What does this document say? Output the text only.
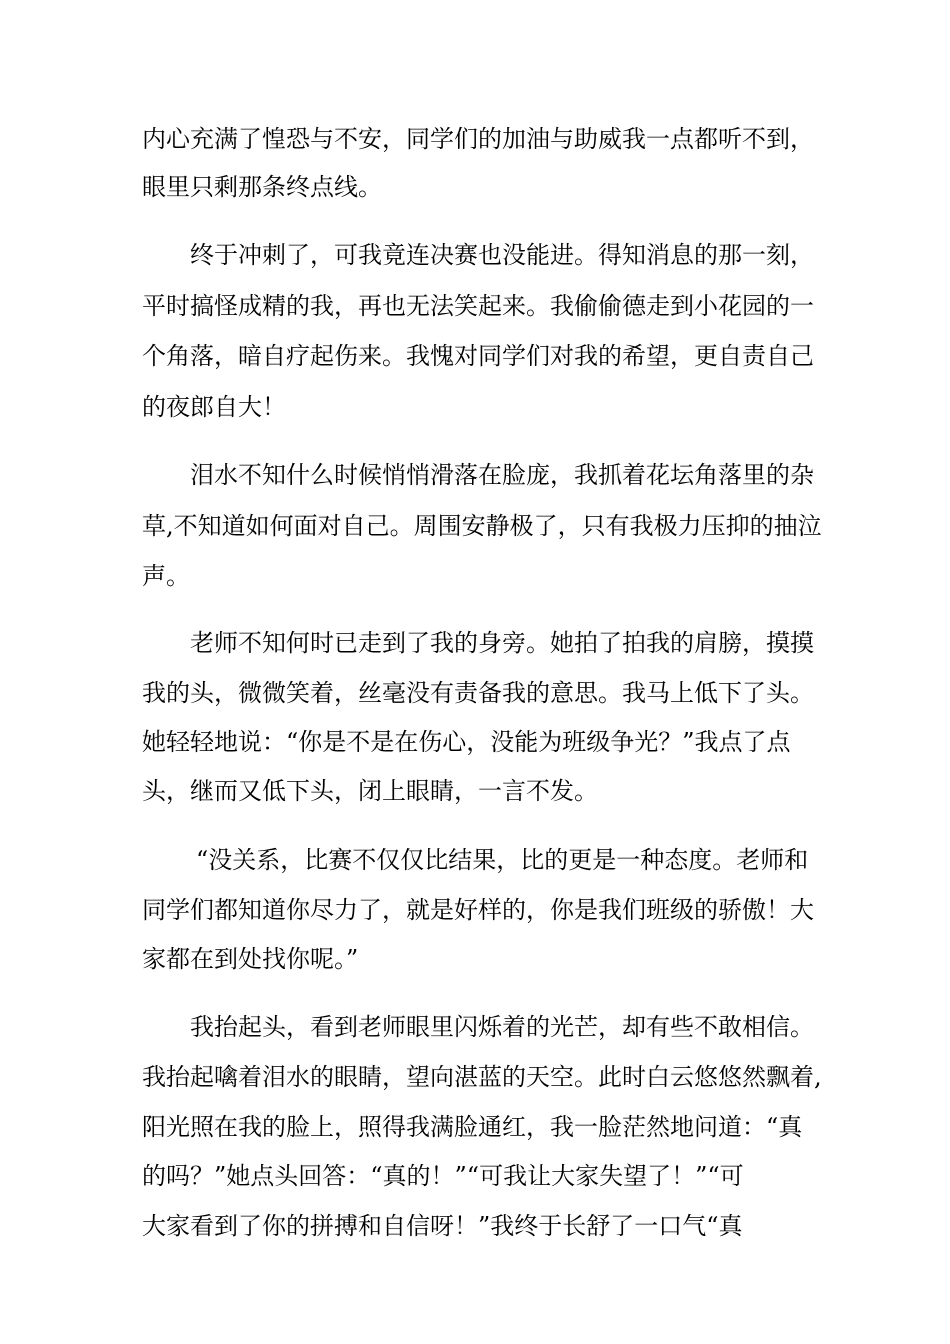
内心充满了惶恐与不安，同学们的加油与助威我一点都听不到，
眼里只剩那条终点线。
终于冲刺了，可我竟连决赛也没能进。得知消息的那一刻，
平时搞怪成精的我，再也无法笑起来。我偷偷德走到小花园的一
个角落，暗自疗起伤来。我愧对同学们对我的希望，更自责自己
的夜郎自大！
泪水不知什么时候悄悄滑落在脸庞，我抓着花坛角落里的杂
草,不知道如何面对自己。周围安静极了，只有我极力压抑的抽泣
声。
老师不知何时已走到了我的身旁。她拍了拍我的肩膀，摸摸
我的头，微微笑着，丝毫没有责备我的意思。我马上低下了头。
她轻轻地说：“你是不是在伤心，没能为班级争光？”我点了点
头，继而又低下头，闭上眼睛，一言不发。
“没关系，比赛不仅仅比结果，比的更是一种态度。老师和
同学们都知道你尽力了，就是好样的，你是我们班级的骄傲！大
家都在到处找你呢。”
我抬起头，看到老师眼里闪烁着的光芒，却有些不敢相信。
我抬起噙着泪水的眼睛，望向湛蓝的天空。此时白云悠悠然飘着,
阳光照在我的脸上，照得我满脸通红，我一脸茫然地问道：“真
的吗？”她点头回答：“真的！”“可我让大家失望了！”“可
大家看到了你的拼搏和自信呀！”我终于长舒了一口气“真
